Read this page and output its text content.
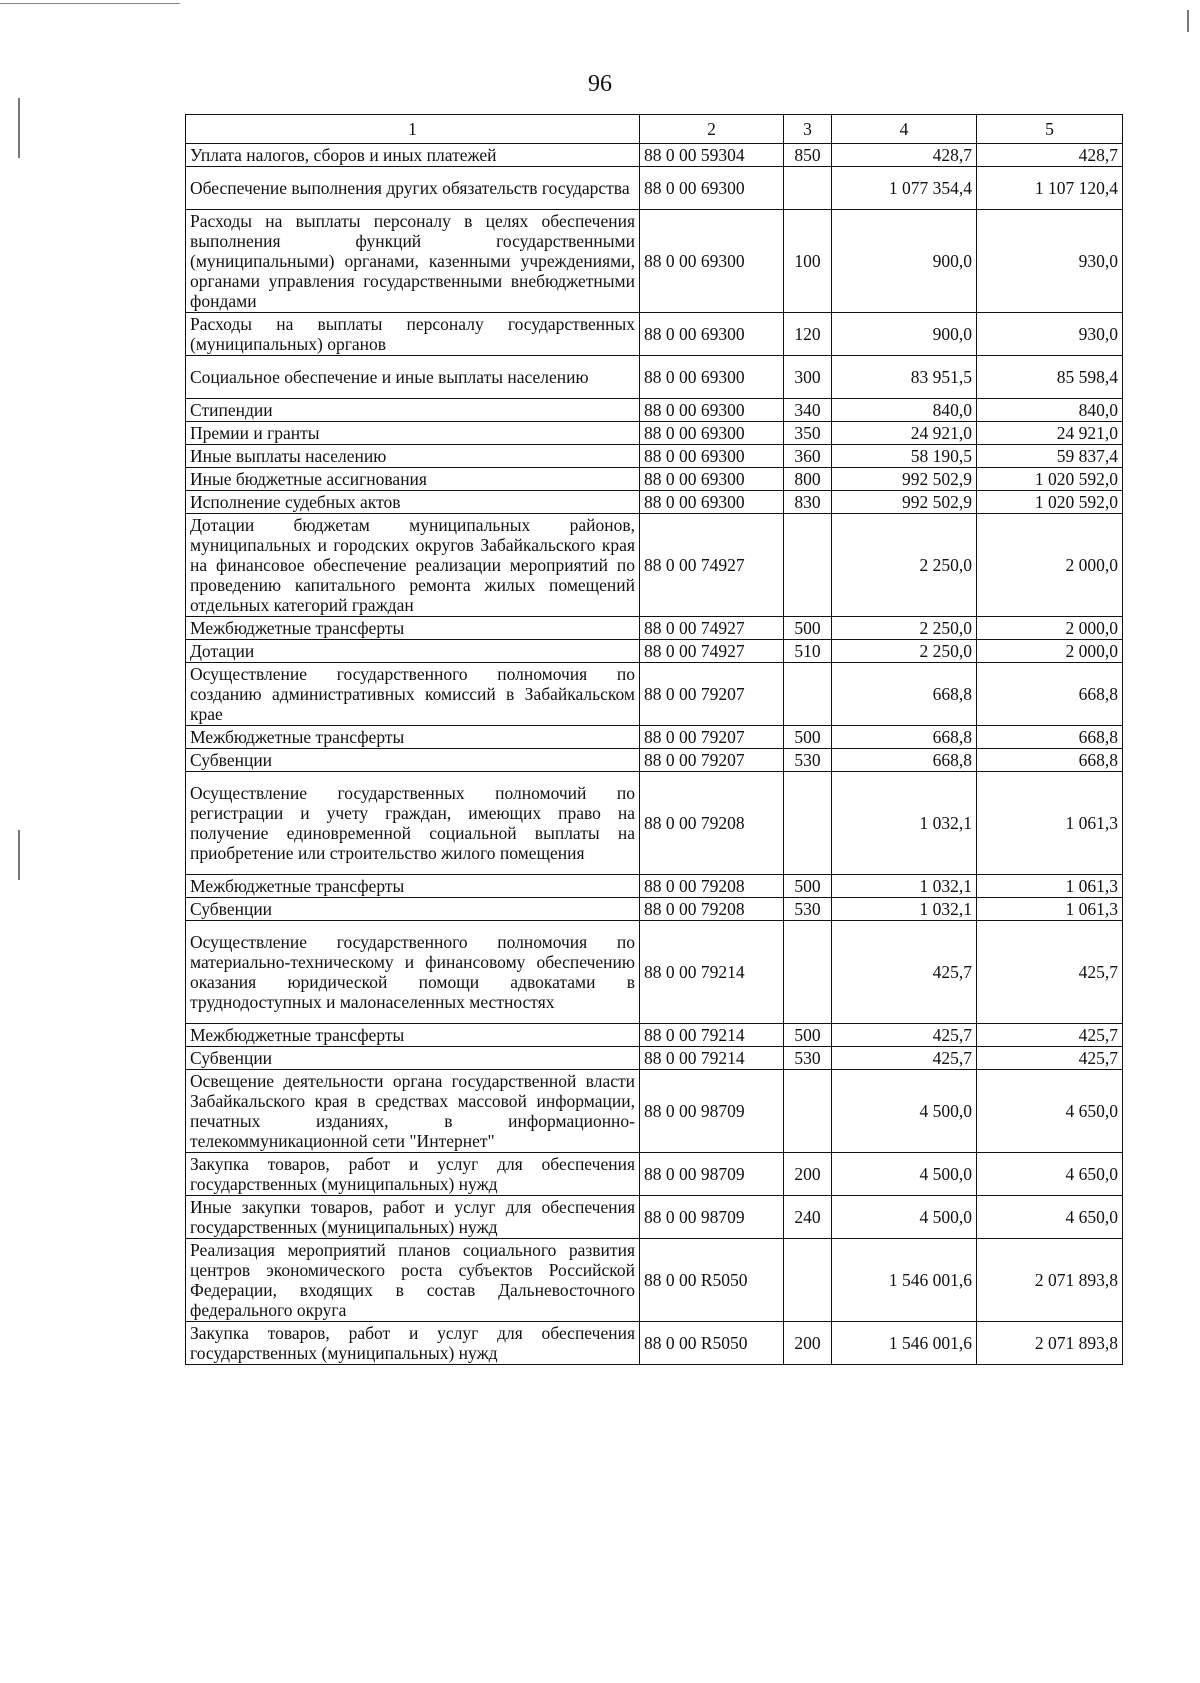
96
1	2	3	4	5
Уплата налогов, сборов и иных платежей	88 0 00 59304	850	428,7	428,7
Обеспечение выполнения других обязательств государства	88 0 00 69300		1 077 354,4	1 107 120,4
Расходы на выплаты персоналу в целях обеспечения выполнения функций государственными (муниципальными) органами, казенными учреждениями, органами управления государственными внебюджетными фондами	88 0 00 69300	100	900,0	930,0
Расходы на выплаты персоналу государственных (муниципальных) органов	88 0 00 69300	120	900,0	930,0
Социальное обеспечение и иные выплаты населению	88 0 00 69300	300	83 951,5	85 598,4
Стипендии	88 0 00 69300	340	840,0	840,0
Премии и гранты	88 0 00 69300	350	24 921,0	24 921,0
Иные выплаты населению	88 0 00 69300	360	58 190,5	59 837,4
Иные бюджетные ассигнования	88 0 00 69300	800	992 502,9	1 020 592,0
Исполнение судебных актов	88 0 00 69300	830	992 502,9	1 020 592,0
Дотации бюджетам муниципальных районов, муниципальных и городских округов Забайкальского края на финансовое обеспечение реализации мероприятий по проведению капитального ремонта жилых помещений отдельных категорий граждан	88 0 00 74927		2 250,0	2 000,0
Межбюджетные трансферты	88 0 00 74927	500	2 250,0	2 000,0
Дотации	88 0 00 74927	510	2 250,0	2 000,0
Осуществление государственного полномочия по созданию административных комиссий в Забайкальском крае	88 0 00 79207		668,8	668,8
Межбюджетные трансферты	88 0 00 79207	500	668,8	668,8
Субвенции	88 0 00 79207	530	668,8	668,8
Осуществление государственных полномочий по регистрации и учету граждан, имеющих право на получение единовременной социальной выплаты на приобретение или строительство жилого помещения	88 0 00 79208		1 032,1	1 061,3
Межбюджетные трансферты	88 0 00 79208	500	1 032,1	1 061,3
Субвенции	88 0 00 79208	530	1 032,1	1 061,3
Осуществление государственного полномочия по материально-техническому и финансовому обеспечению оказания юридической помощи адвокатами в труднодоступных и малонаселенных местностях	88 0 00 79214		425,7	425,7
Межбюджетные трансферты	88 0 00 79214	500	425,7	425,7
Субвенции	88 0 00 79214	530	425,7	425,7
Освещение деятельности органа государственной власти Забайкальского края в средствах массовой информации, печатных изданиях, в информационно-телекоммуникационной сети "Интернет"	88 0 00 98709		4 500,0	4 650,0
Закупка товаров, работ и услуг для обеспечения государственных (муниципальных) нужд	88 0 00 98709	200	4 500,0	4 650,0
Иные закупки товаров, работ и услуг для обеспечения государственных (муниципальных) нужд	88 0 00 98709	240	4 500,0	4 650,0
Реализация мероприятий планов социального развития центров экономического роста субъектов Российской Федерации, входящих в состав Дальневосточного федерального округа	88 0 00 R5050		1 546 001,6	2 071 893,8
Закупка товаров, работ и услуг для обеспечения государственных (муниципальных) нужд	88 0 00 R5050	200	1 546 001,6	2 071 893,8
